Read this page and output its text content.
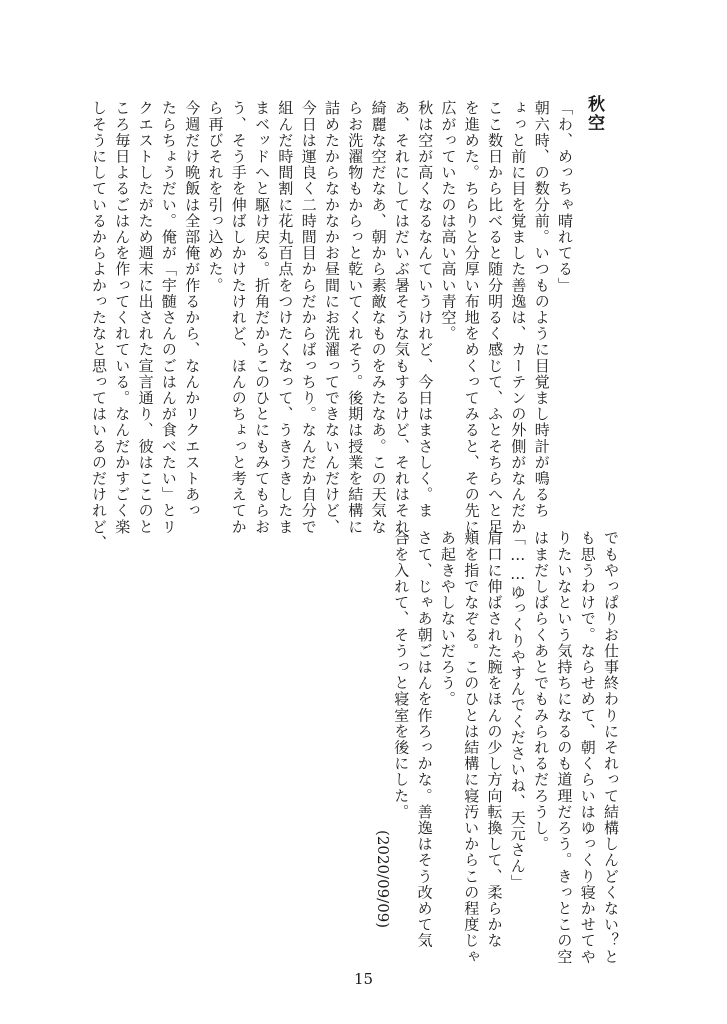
秋空
「わ、めっちゃ晴れてる」
朝六時、の数分前。いつものように目覚まし時計が鳴るち
ょっと前に目を覚ました善逸は、カーテンの外側がなんだか
ここ数日から比べると随分明るく感じて、ふとそちらへと足
を進めた。ちらりと分厚い布地をめくってみると、その先に
広がっていたのは高い高い青空。
秋は空が高くなるなんていうけれど、今日はまさしく。ま
あ、それにしてはだいぶ暑そうな気もするけど、それはそれ。
綺麗な空だなあ、朝から素敵なものをみたなあ。この天気な
らお洗濯物もからっと乾いてくれそう。後期は授業を結構に
詰めたからなかなかお昼間にお洗濯ってできないんだけど、
今日は運良く二時間目からだからばっちり。なんだか自分で
組んだ時間割に花丸百点をつけたくなって、うきうきしたま
まベッドへと駆け戻る。折角だからこのひとにもみてもらお
う、そう手を伸ばしかけたけれど、ほんのちょっと考えてか
ら再びそれを引っ込めた。
今週だけ晩飯は全部俺が作るから、なんかリクエストあっ
たらちょうだい。俺が「宇髄さんのごはんが食べたい」とリ
クエストしたがため週末に出された宣言通り、彼はここのと
ころ毎日よるごはんを作ってくれている。なんだかすごく楽
しそうにしているからよかったなと思ってはいるのだけれど、
でもやっぱりお仕事終わりにそれって結構しんどくない？と
も思うわけで。ならせめて、朝くらいはゆっくり寝かせてや
りたいなという気持ちになるのも道理だろう。きっとこの空
はまだしばらくあとでもみられるだろうし。
「……ゆっくりやすんでくださいね、天元さん」
肩口に伸ばされた腕をほんの少し方向転換して、柔らかな
頬を指でなぞる。このひとは結構に寝汚いからこの程度じゃ
あ起きやしないだろう。
さて、じゃあ朝ごはんを作ろっかな。善逸はそう改めて気
合を入れて、そうっと寝室を後にした。
(2020/09/09)
15
